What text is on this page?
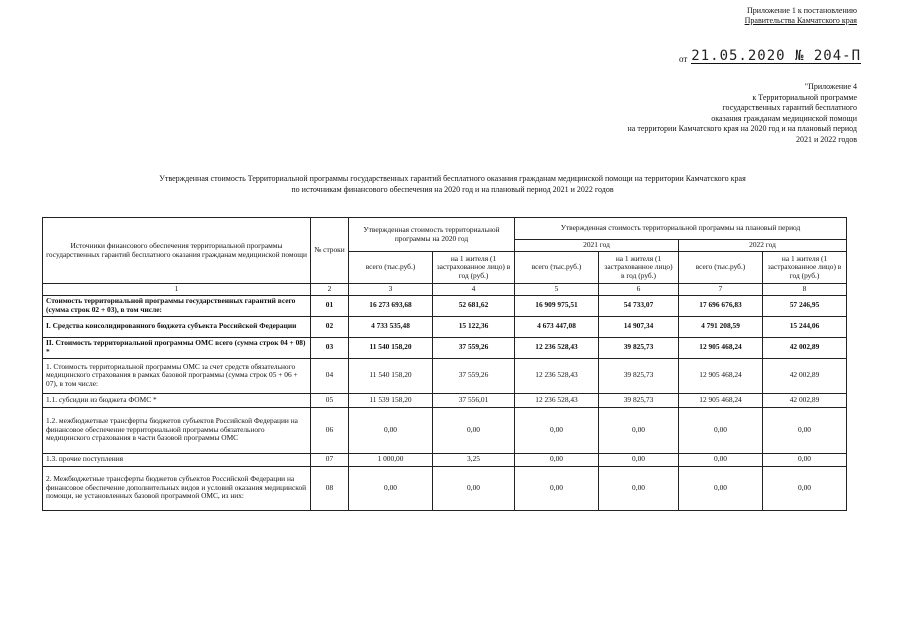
Приложение 1 к постановлению
Правительства Камчатского края
от 21.05.2020 № 204-П
"Приложение 4
к Территориальной программе
государственных гарантий бесплатного
оказания гражданам медицинской помощи
на территории Камчатского края на 2020 год и на плановый период
2021 и 2022 годов
Утвержденная стоимость Территориальной программы государственных гарантий бесплатного оказания гражданам медицинской помощи на территории Камчатского края
по источникам финансового обеспечения на 2020 год и на плановый период 2021 и 2022 годов
Источники финансового обеспечения территориальной программы государственных гарантий бесплатного оказания гражданам медицинской помощи	№ строки	Утвержденная стоимость территориальной программы на 2020 год		Утвержденная стоимость территориальной программы на плановый период			
				2021 год		2022 год	
		всего (тыс.руб.)	на 1 жителя (1 застрахованное лицо) в год (руб.)	всего (тыс.руб.)	на 1 жителя (1 застрахованное лицо) в год (руб.)	всего (тыс.руб.)	на 1 жителя (1 застрахованное лицо) в год (руб.)
1	2	3	4	5	6	7	8
Стоимость территориальной программы государственных гарантий всего (сумма строк 02 + 03), в том числе:	01	16 273 693,68	52 681,62	16 909 975,51	54 733,07	17 696 676,83	57 246,95
I. Средства консолидированного бюджета субъекта Российской Федерации	02	4 733 535,48	15 122,36	4 673 447,08	14 907,34	4 791 208,59	15 244,06
II. Стоимость территориальной программы ОМС всего (сумма строк 04 + 08) *	03	11 540 158,20	37 559,26	12 236 528,43	39 825,73	12 905 468,24	42 002,89
1. Стоимость территориальной программы ОМС за счет средств обязательного медицинского страхования в рамках базовой программы (сумма строк 05 + 06 + 07), в том числе:	04	11 540 158,20	37 559,26	12 236 528,43	39 825,73	12 905 468,24	42 002,89
1.1. субсидии из бюджета ФОМС *	05	11 539 158,20	37 556,01	12 236 528,43	39 825,73	12 905 468,24	42 002,89
1.2. межбюджетные трансферты бюджетов субъектов Российской Федерации на финансовое обеспечение территориальной программы обязательного медицинского страхования в части базовой программы ОМС	06	0,00	0,00	0,00	0,00	0,00	0,00
1.3. прочие поступления	07	1 000,00	3,25	0,00	0,00	0,00	0,00
2. Межбюджетные трансферты бюджетов субъектов Российской Федерации на финансовое обеспечение дополнительных видов и условий оказания медицинской помощи, не установленных базовой программой ОМС, из них:	08	0,00	0,00	0,00	0,00	0,00	0,00
